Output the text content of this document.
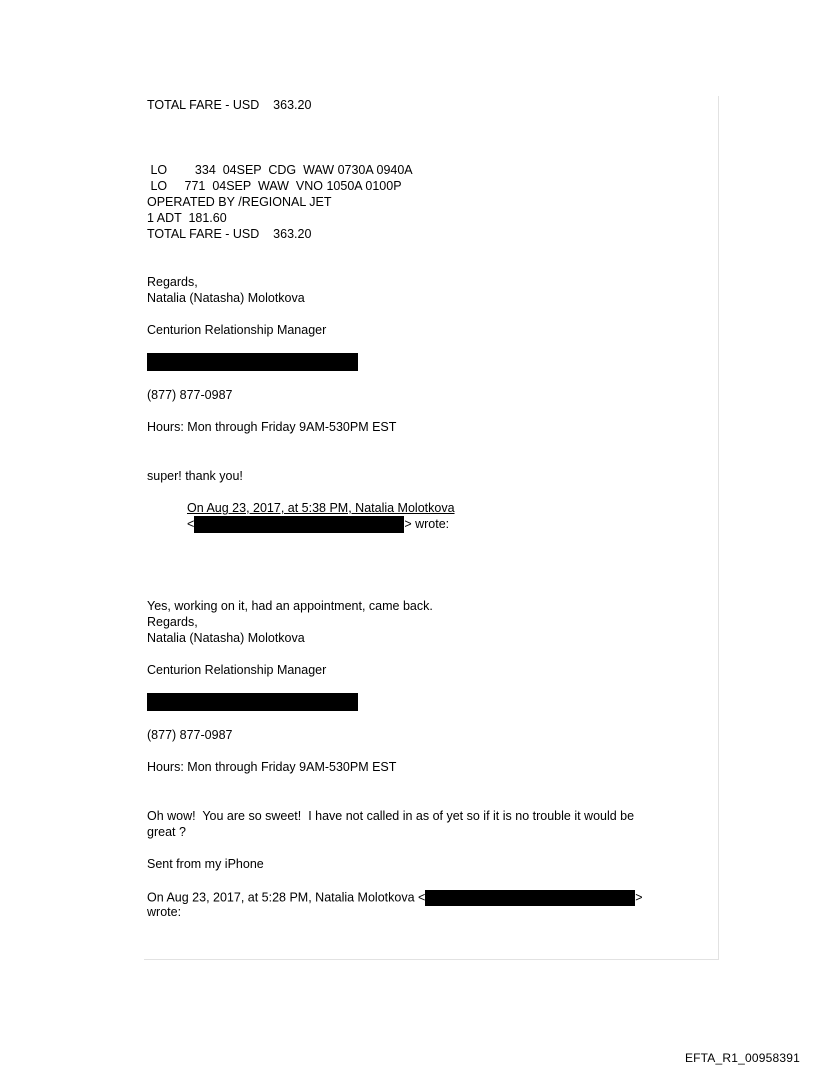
TOTAL FARE - USD    363.20
LO        334  04SEP  CDG  WAW 0730A 0940A
LO     771  04SEP  WAW  VNO 1050A 0100P
OPERATED BY /REGIONAL JET
1 ADT  181.60
TOTAL FARE - USD    363.20
Regards,
Natalia (Natasha) Molotkova
Centurion Relationship Manager
(877) 877-0987
Hours: Mon through Friday 9AM-530PM EST
super! thank you!
On Aug 23, 2017, at 5:38 PM, Natalia Molotkova
<	> wrote:
Yes, working on it, had an appointment, came back.
Regards,
Natalia (Natasha) Molotkova
Centurion Relationship Manager
(877) 877-0987
Hours: Mon through Friday 9AM-530PM EST
Oh wow!  You are so sweet!  I have not called in as of yet so if it is no trouble it would be
great ?
Sent from my iPhone
On Aug 23, 2017, at 5:28 PM, Natalia Molotkova <	>
wrote:
EFTA_R1_00958391
